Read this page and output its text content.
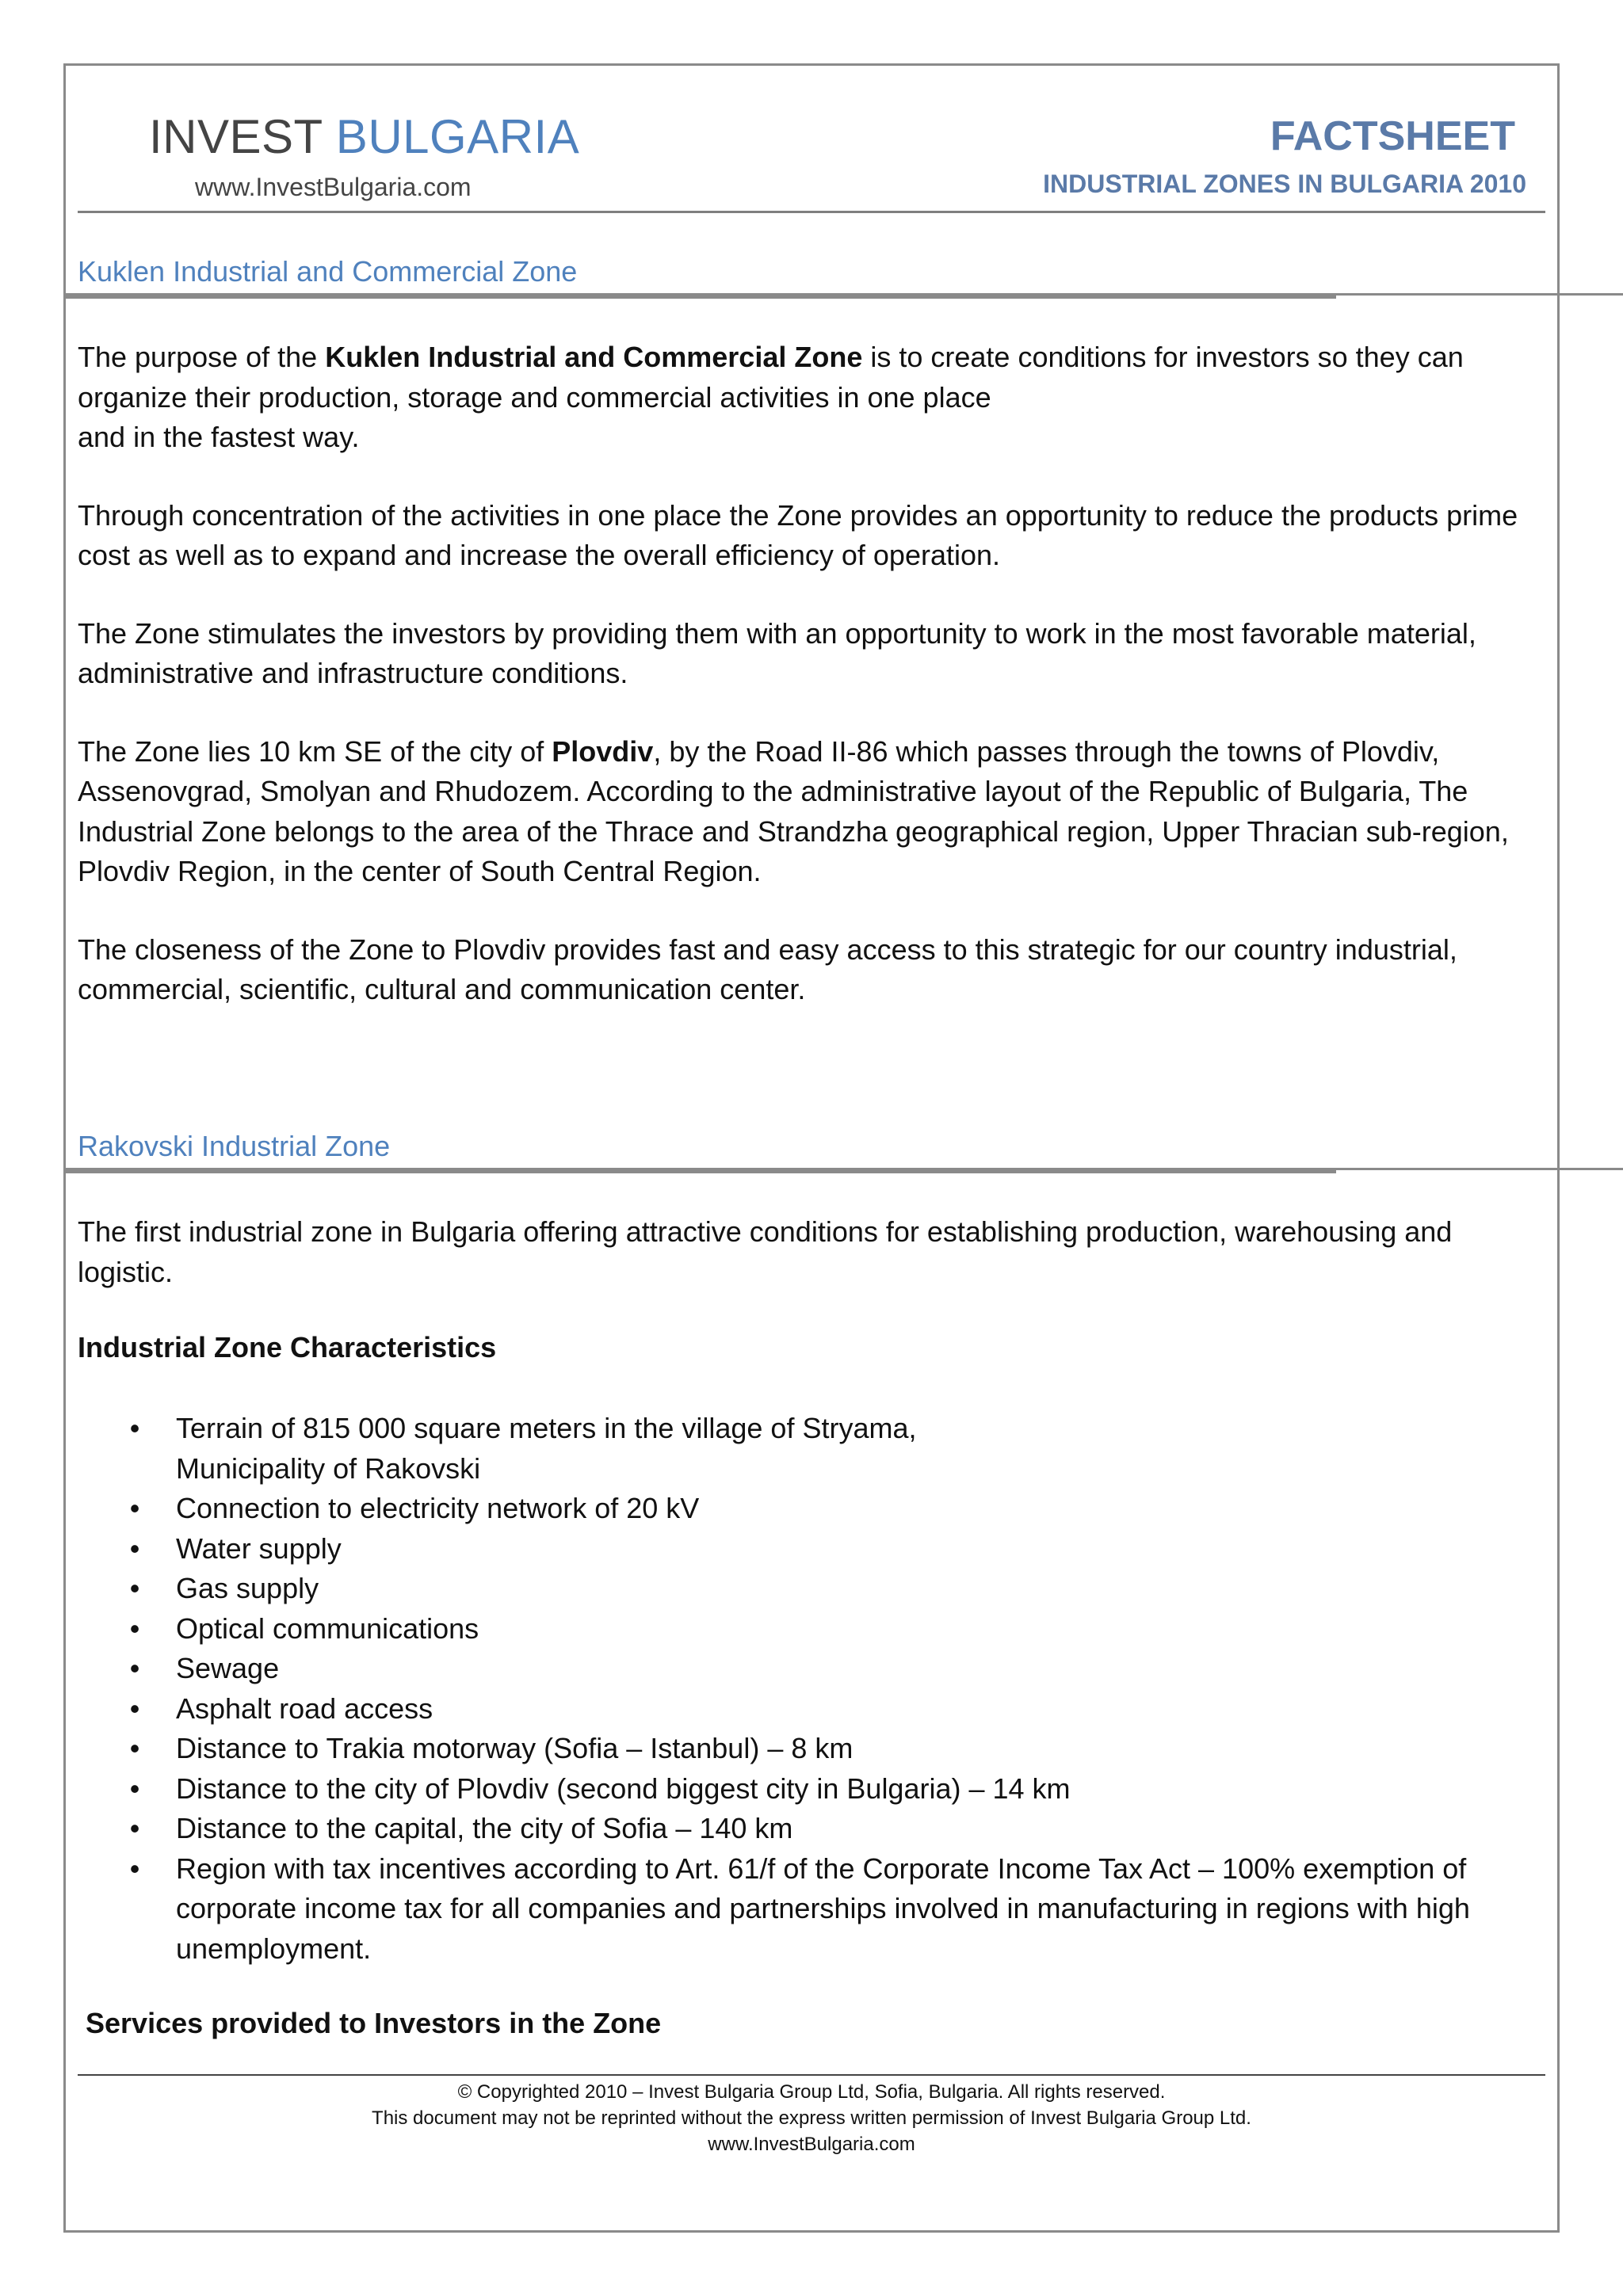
INVEST BULGARIA
www.InvestBulgaria.com
FACTSHEET
INDUSTRIAL ZONES IN BULGARIA 2010
Kuklen Industrial and Commercial Zone

The purpose of the Kuklen Industrial and Commercial Zone is to create conditions for investors so they can
organize their production, storage and commercial activities in one place
and in the fastest way.

Through concentration of the activities in one place the Zone provides an opportunity to reduce the products prime cost as well as to expand and increase the overall efficiency of operation.

The Zone stimulates the investors by providing them with an opportunity to work in the most favorable material, administrative and infrastructure conditions.

The Zone lies 10 km SE of the city of Plovdiv, by the Road II-86 which passes through the towns of Plovdiv, Assenovgrad, Smolyan and Rhudozem. According to the administrative layout of the Republic of Bulgaria, The Industrial Zone belongs to the area of the Thrace and Strandzha geographical region, Upper Thracian sub-region, Plovdiv Region, in the center of South Central Region.

The closeness of the Zone to Plovdiv provides fast and easy access to this strategic for our country industrial, commercial, scientific, cultural and communication center.

Rakovski Industrial Zone

The first industrial zone in Bulgaria offering attractive conditions for establishing production, warehousing and logistic.

Industrial Zone Characteristics
• Terrain of 815 000 square meters in the village of Stryama,
Municipality of Rakovski
• Connection to electricity network of 20 kV
• Water supply
• Gas supply
• Optical communications
• Sewage
• Asphalt road access
• Distance to Trakia motorway (Sofia – Istanbul) – 8 km
• Distance to the city of Plovdiv (second biggest city in Bulgaria) – 14 km
• Distance to the capital, the city of Sofia – 140 km
• Region with tax incentives according to Art. 61/f of the Corporate Income Tax Act – 100% exemption of corporate income tax for all companies and partnerships involved in manufacturing in regions with high unemployment.
Services provided to Investors in the Zone
© Copyrighted 2010 – Invest Bulgaria Group Ltd, Sofia, Bulgaria. All rights reserved.
This document may not be reprinted without the express written permission of Invest Bulgaria Group Ltd.
www.InvestBulgaria.com
